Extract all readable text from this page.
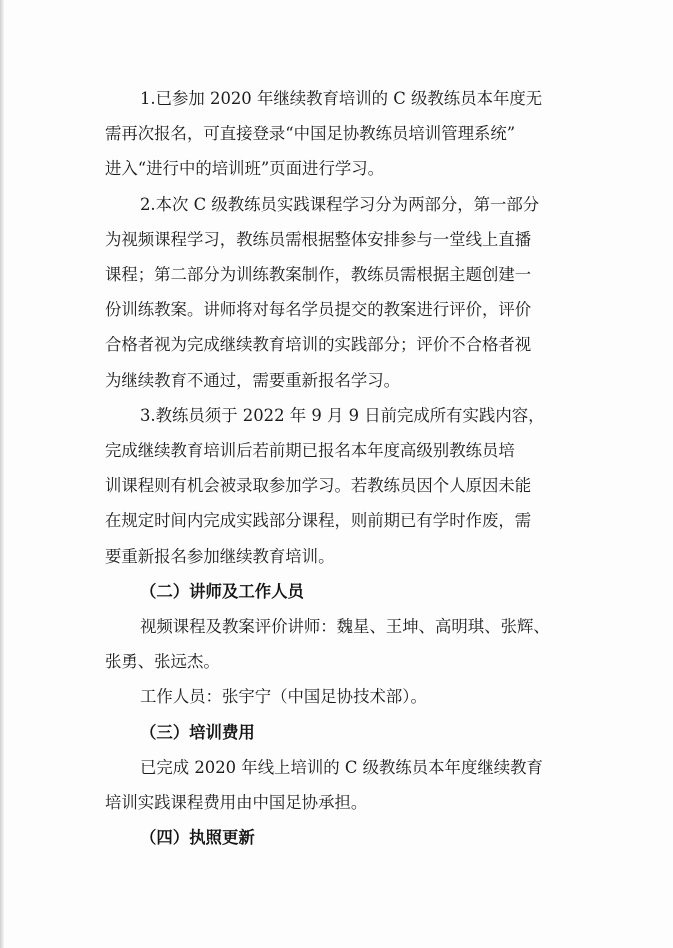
1.已参加 2020 年继续教育培训的 C 级教练员本年度无
需再次报名，可直接登录“中国足协教练员培训管理系统”
进入“进行中的培训班”页面进行学习。
2.本次 C 级教练员实践课程学习分为两部分，第一部分
为视频课程学习，教练员需根据整体安排参与一堂线上直播
课程；第二部分为训练教案制作，教练员需根据主题创建一
份训练教案。讲师将对每名学员提交的教案进行评价，评价
合格者视为完成继续教育培训的实践部分；评价不合格者视
为继续教育不通过，需要重新报名学习。
3.教练员须于 2022 年 9 月 9 日前完成所有实践内容，
完成继续教育培训后若前期已报名本年度高级别教练员培
训课程则有机会被录取参加学习。若教练员因个人原因未能
在规定时间内完成实践部分课程，则前期已有学时作废，需
要重新报名参加继续教育培训。
（二）讲师及工作人员
视频课程及教案评价讲师：魏星、王坤、高明琪、张辉、
张勇、张远杰。
工作人员：张宇宁（中国足协技术部）。
（三）培训费用
已完成 2020 年线上培训的 C 级教练员本年度继续教育
培训实践课程费用由中国足协承担。
（四）执照更新
